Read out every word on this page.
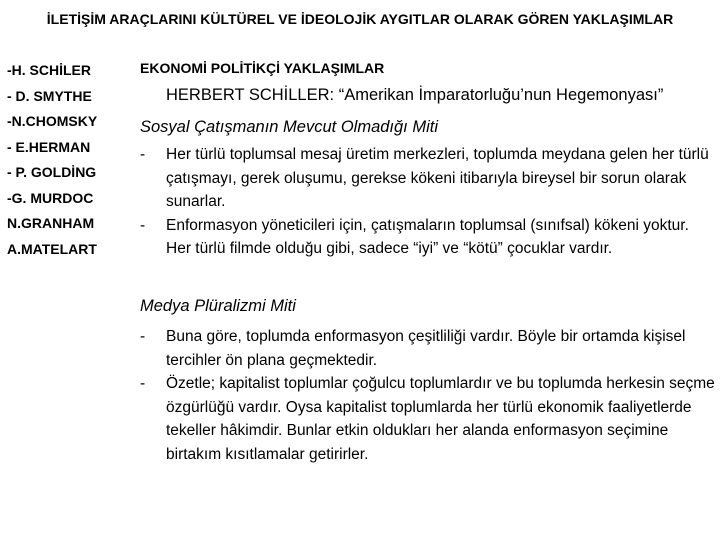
İLETİŞİM ARAÇLARINI KÜLTÜREL VE İDEOLOJİK AYGITLAR OLARAK GÖREN YAKLAŞIMLAR
-H. SCHİLER
- D. SMYTHE
-N.CHOMSKY
- E.HERMAN
- P. GOLDİNG
-G. MURDOC
N.GRANHAM
A.MATELART
EKONOMİ POLİTİKÇİ YAKLAŞIMLAR
HERBERT SCHİLLER: “Amerikan İmparatorluğu’nun Hegemonyası”
Sosyal Çatışmanın Mevcut Olmadığı Miti
- Her türlü toplumsal mesaj üretim merkezleri, toplumda meydana gelen her türlü çatışmayı, gerek oluşumu, gerekse kökeni itibarıyla bireysel bir sorun olarak sunarlar.
- Enformasyon yöneticileri için, çatışmaların toplumsal (sınıfsal) kökeni yoktur. Her türlü filmde olduğu gibi, sadece “iyi” ve “kötü” çocuklar vardır.
Medya Plüralizmi Miti
- Buna göre, toplumda enformasyon çeşitliliği vardır. Böyle bir ortamda kişisel tercihler ön plana geçmektedir.
- Özetle; kapitalist toplumlar çoğulcu toplumlardır ve bu toplumda herkesin seçme özgürlüğü vardır. Oysa kapitalist toplumlarda her türlü ekonomik faaliyetlerde tekeller hâkimdir. Bunlar etkin oldukları her alanda enformasyon seçimine birtakım kısıtlamalar getirirler.
